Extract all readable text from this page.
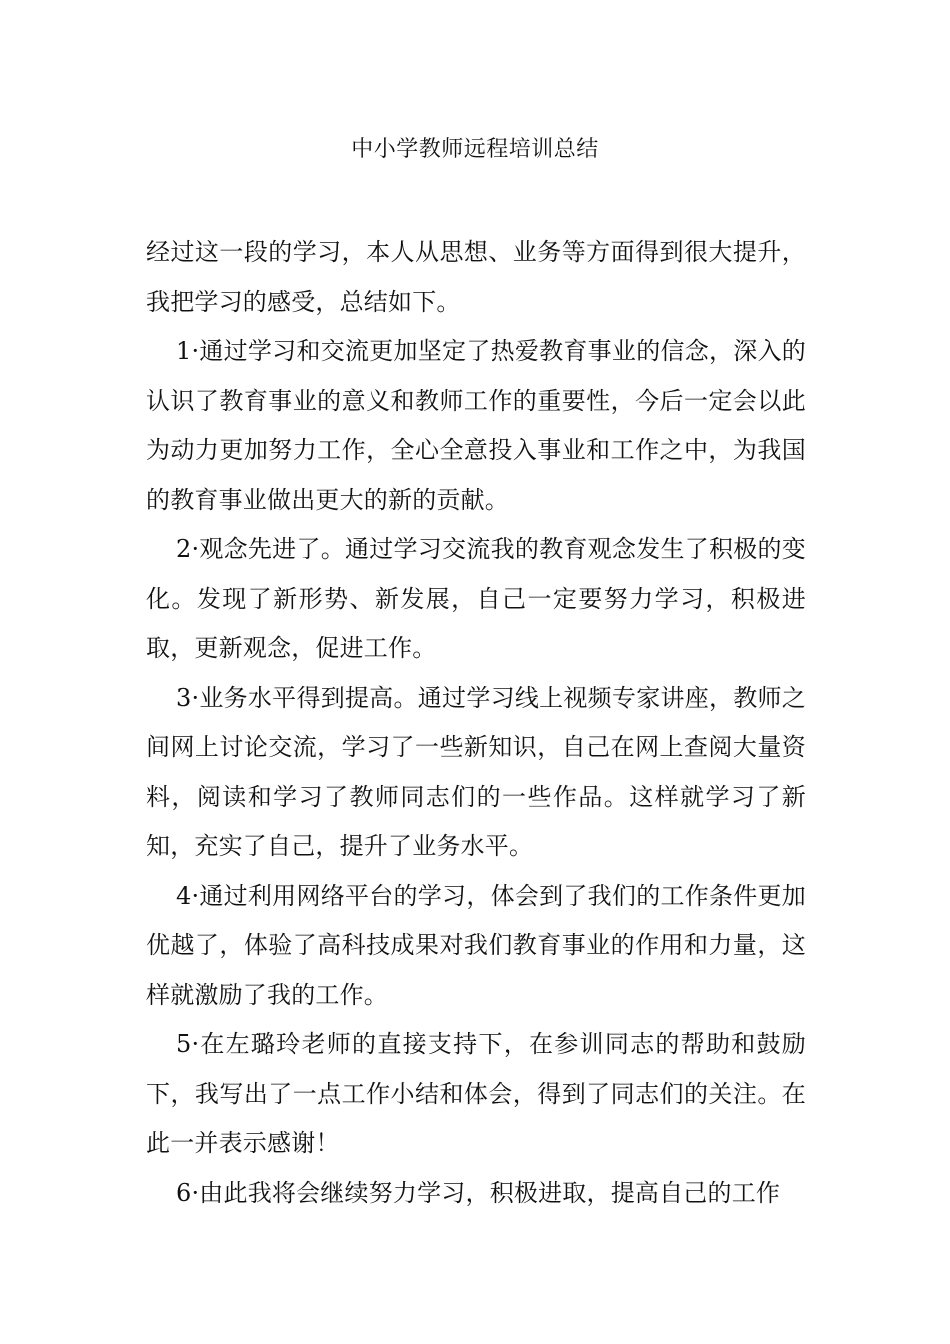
中小学教师远程培训总结

经过这一段的学习，本人从思想、业务等方面得到很大提升，我把学习的感受，总结如下。

1·通过学习和交流更加坚定了热爱教育事业的信念，深入的认识了教育事业的意义和教师工作的重要性，今后一定会以此为动力更加努力工作，全心全意投入事业和工作之中，为我国的教育事业做出更大的新的贡献。

2·观念先进了。通过学习交流我的教育观念发生了积极的变化。发现了新形势、新发展，自己一定要努力学习，积极进取，更新观念，促进工作。

3·业务水平得到提高。通过学习线上视频专家讲座，教师之间网上讨论交流，学习了一些新知识，自己在网上查阅大量资料，阅读和学习了教师同志们的一些作品。这样就学习了新知，充实了自己，提升了业务水平。

4·通过利用网络平台的学习，体会到了我们的工作条件更加优越了，体验了高科技成果对我们教育事业的作用和力量，这样就激励了我的工作。

5·在左璐玲老师的直接支持下，在参训同志的帮助和鼓励下，我写出了一点工作小结和体会，得到了同志们的关注。在此一并表示感谢！

6·由此我将会继续努力学习，积极进取，提高自己的工作
